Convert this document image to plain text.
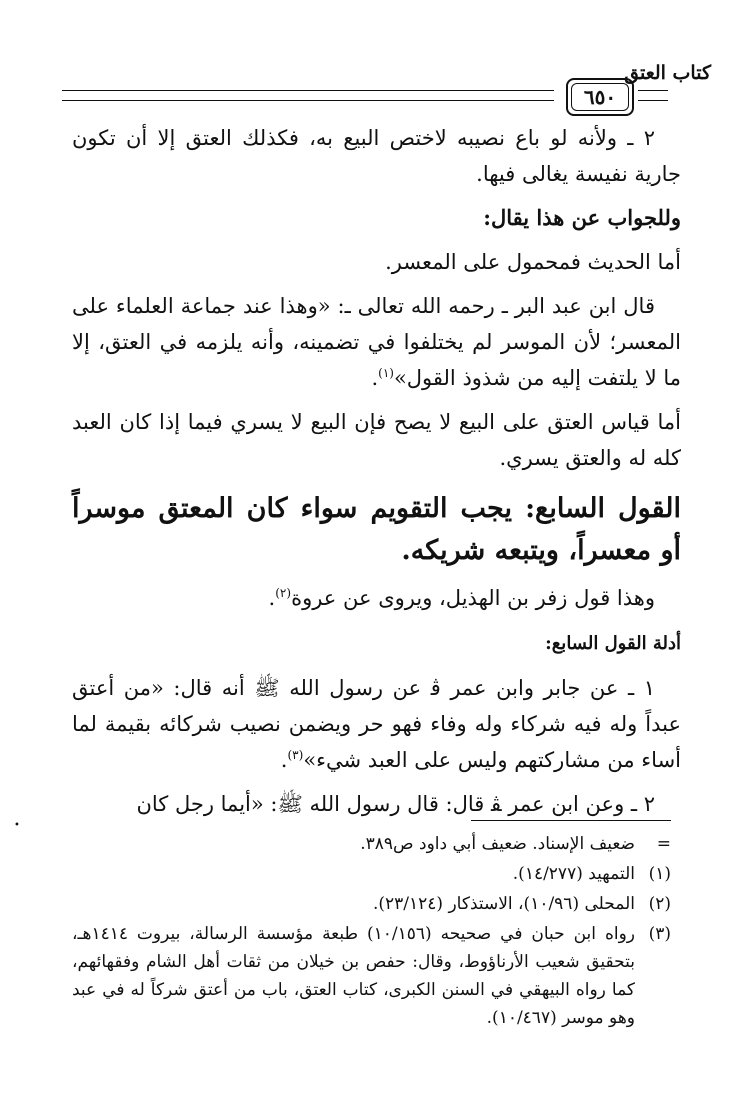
كتاب العتق
٦٥٠

٢ ـ ولأنه لو باع نصيبه لاختص البيع به، فكذلك العتق إلا أن تكون جارية نفيسة يغالى فيها.

وللجواب عن هذا يقال:

أما الحديث فمحمول على المعسر.

قال ابن عبد البر ـ رحمه الله تعالى ـ: «وهذا عند جماعة العلماء على المعسر؛ لأن الموسر لم يختلفوا في تضمينه، وأنه يلزمه في العتق، إلا ما لا يلتفت إليه من شذوذ القول»$^{(١)}$.

أما قياس العتق على البيع لا يصح فإن البيع لا يسري فيما إذا كان العبد كله له والعتق يسري.

القول السابع: يجب التقويم سواء كان المعتق موسراً أو معسراً، ويتبعه شريكه.

وهذا قول زفر بن الهذيل، ويروى عن عروة$^{(٢)}$.

أدلة القول السابع:

١ ـ عن جابر وابن عمر ﭬ عن رسول الله ﷺ أنه قال: «من أعتق عبداً وله فيه شركاء وله وفاء فهو حر ويضمن نصيب شركائه بقيمة لما أساء من مشاركتهم وليس على العبد شيء»$^{(٣)}$.

٢ ـ وعن ابن عمر ﭭ قال: قال رسول الله ﷺ: «أيما رجل كان

•
=
ضعيف الإسناد. ضعيف أبي داود ص٣٨٩.
(١)
التمهيد (١٤/٢٧٧).
(٢)
المحلى (١٠/٩٦)، الاستذكار (٢٣/١٢٤).
(٣)
رواه ابن حبان في صحيحه (١٠/١٥٦) طبعة مؤسسة الرسالة، بيروت ١٤١٤هـ، بتحقيق شعيب الأرناؤوط، وقال: حفص بن خيلان من ثقات أهل الشام وفقهائهم، كما رواه البيهقي في السنن الكبرى، كتاب العتق، باب من أعتق شركاً له في عبد وهو موسر (١٠/٤٦٧).
